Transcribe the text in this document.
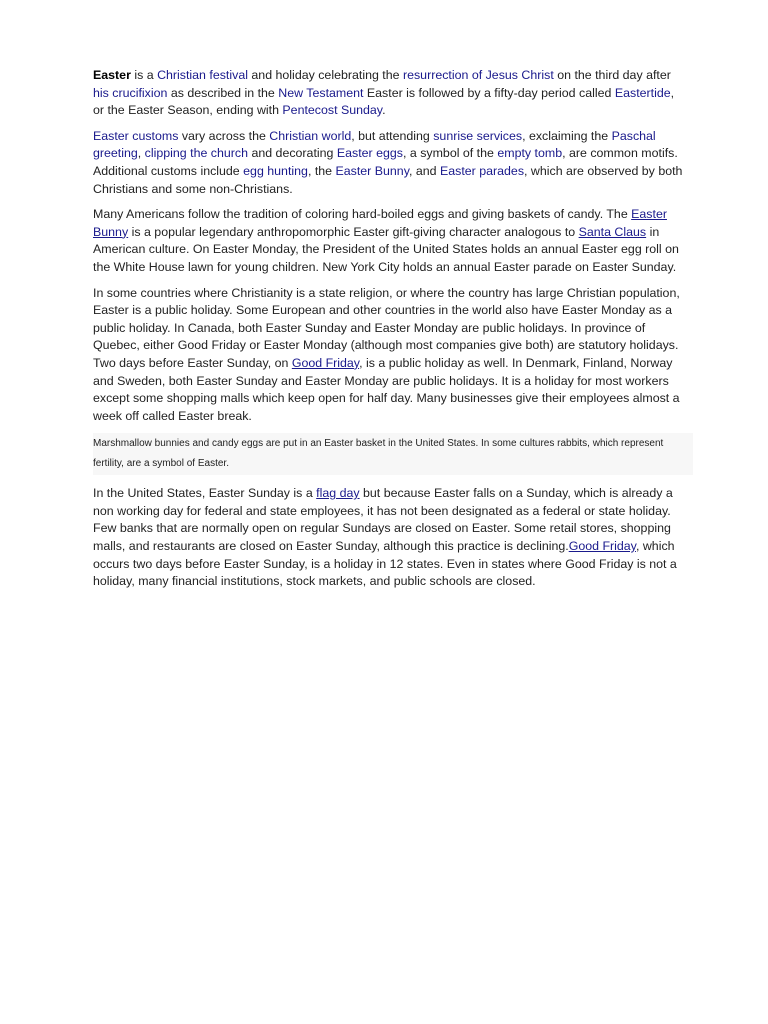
Easter is a Christian festival and holiday celebrating the resurrection of Jesus Christ on the third day after his crucifixion as described in the New Testament Easter is followed by a fifty-day period called Eastertide, or the Easter Season, ending with Pentecost Sunday.

Easter customs vary across the Christian world, but attending sunrise services, exclaiming the Paschal greeting, clipping the church and decorating Easter eggs, a symbol of the empty tomb, are common motifs. Additional customs include egg hunting, the Easter Bunny, and Easter parades, which are observed by both Christians and some non-Christians.

Many Americans follow the tradition of coloring hard-boiled eggs and giving baskets of candy. The Easter Bunny is a popular legendary anthropomorphic Easter gift-giving character analogous to Santa Claus in American culture. On Easter Monday, the President of the United States holds an annual Easter egg roll on the White House lawn for young children. New York City holds an annual Easter parade on Easter Sunday.

In some countries where Christianity is a state religion, or where the country has large Christian population, Easter is a public holiday. Some European and other countries in the world also have Easter Monday as a public holiday. In Canada, both Easter Sunday and Easter Monday are public holidays. In province of Quebec, either Good Friday or Easter Monday (although most companies give both) are statutory holidays. Two days before Easter Sunday, on Good Friday, is a public holiday as well. In Denmark, Finland, Norway and Sweden, both Easter Sunday and Easter Monday are public holidays. It is a holiday for most workers except some shopping malls which keep open for half day. Many businesses give their employees almost a week off called Easter break.

Marshmallow bunnies and candy eggs are put in an Easter basket in the United States. In some cultures rabbits, which represent fertility, are a symbol of Easter.

In the United States, Easter Sunday is a flag day but because Easter falls on a Sunday, which is already a non working day for federal and state employees, it has not been designated as a federal or state holiday. Few banks that are normally open on regular Sundays are closed on Easter. Some retail stores, shopping malls, and restaurants are closed on Easter Sunday, although this practice is declining.Good Friday, which occurs two days before Easter Sunday, is a holiday in 12 states. Even in states where Good Friday is not a holiday, many financial institutions, stock markets, and public schools are closed.
